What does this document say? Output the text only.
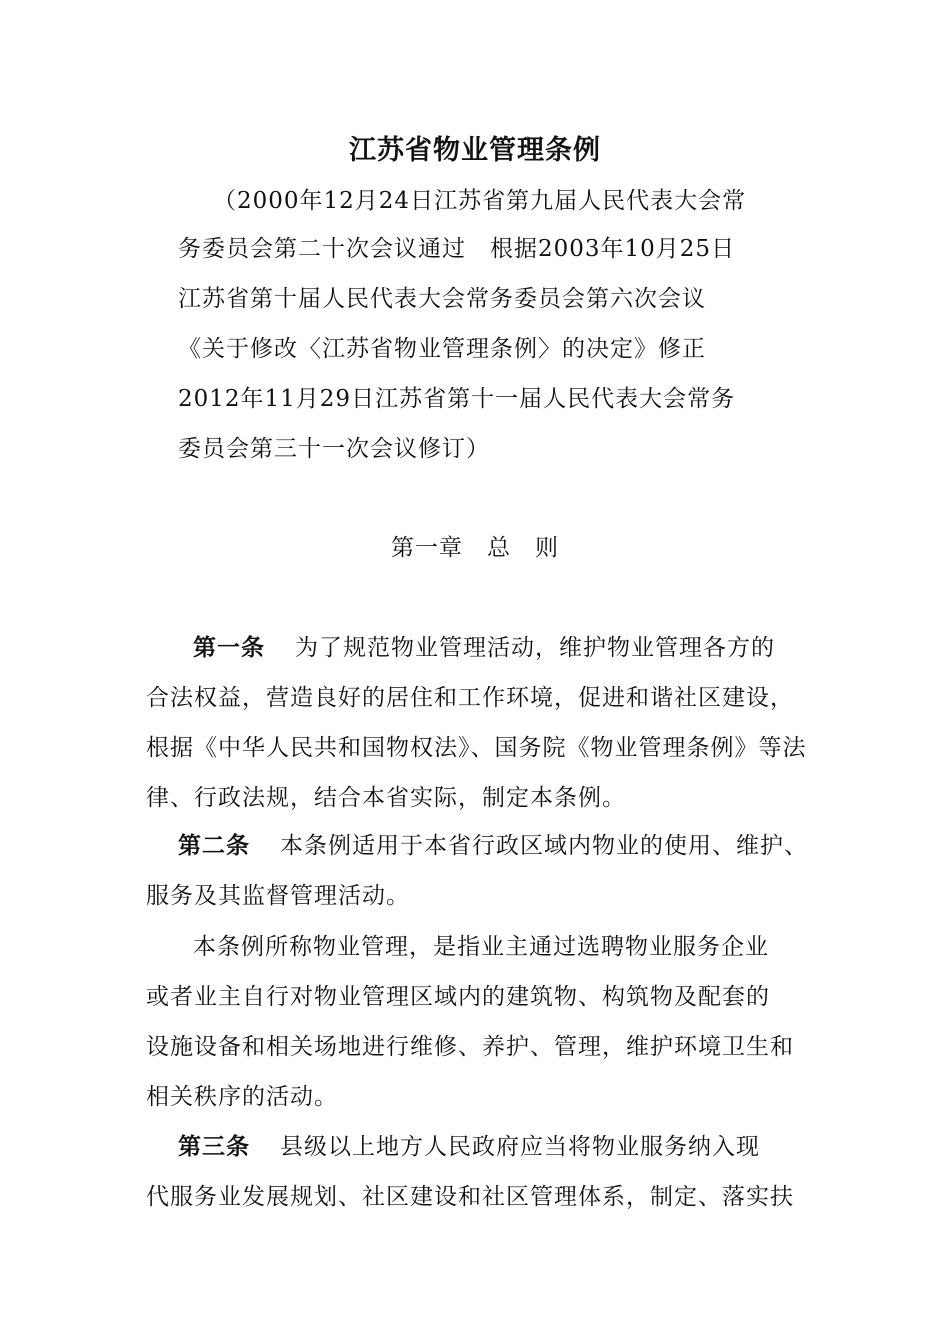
江苏省物业管理条例
（2000年12月24日江苏省第九届人民代表大会常
务委员会第二十次会议通过　根据2003年10月25日
江苏省第十届人民代表大会常务委员会第六次会议
《关于修改〈江苏省物业管理条例〉的决定》修正
2012年11月29日江苏省第十一届人民代表大会常务
委员会第三十一次会议修订）
第一章　总　则
第一条 为了规范物业管理活动，维护物业管理各方的
合法权益，营造良好的居住和工作环境，促进和谐社区建设，
根据《中华人民共和国物权法》、国务院《物业管理条例》等法
律、行政法规，结合本省实际，制定本条例。
第二条 本条例适用于本省行政区域内物业的使用、维护、
服务及其监督管理活动。
本条例所称物业管理，是指业主通过选聘物业服务企业
或者业主自行对物业管理区域内的建筑物、构筑物及配套的
设施设备和相关场地进行维修、养护、管理，维护环境卫生和
相关秩序的活动。
第三条 县级以上地方人民政府应当将物业服务纳入现
代服务业发展规划、社区建设和社区管理体系，制定、落实扶
